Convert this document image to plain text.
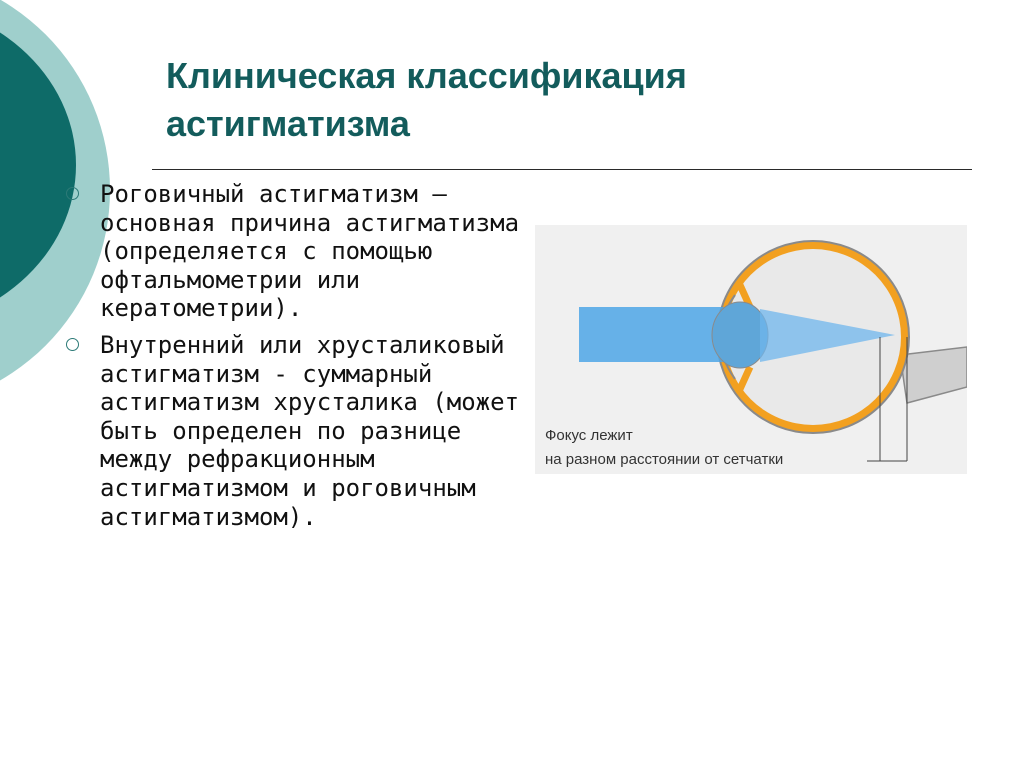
Клиническая классификация астигматизма
Роговичный астигматизм – основная причина астигматизма (определяется с помощью офтальмометрии или кератометрии).
Внутренний или хрусталиковый астигматизм - суммарный астигматизм хрусталика (может быть определен по разнице между рефракционным астигматизмом и роговичным астигматизмом).
Фокус лежит
на разном расстоянии от сетчатки
